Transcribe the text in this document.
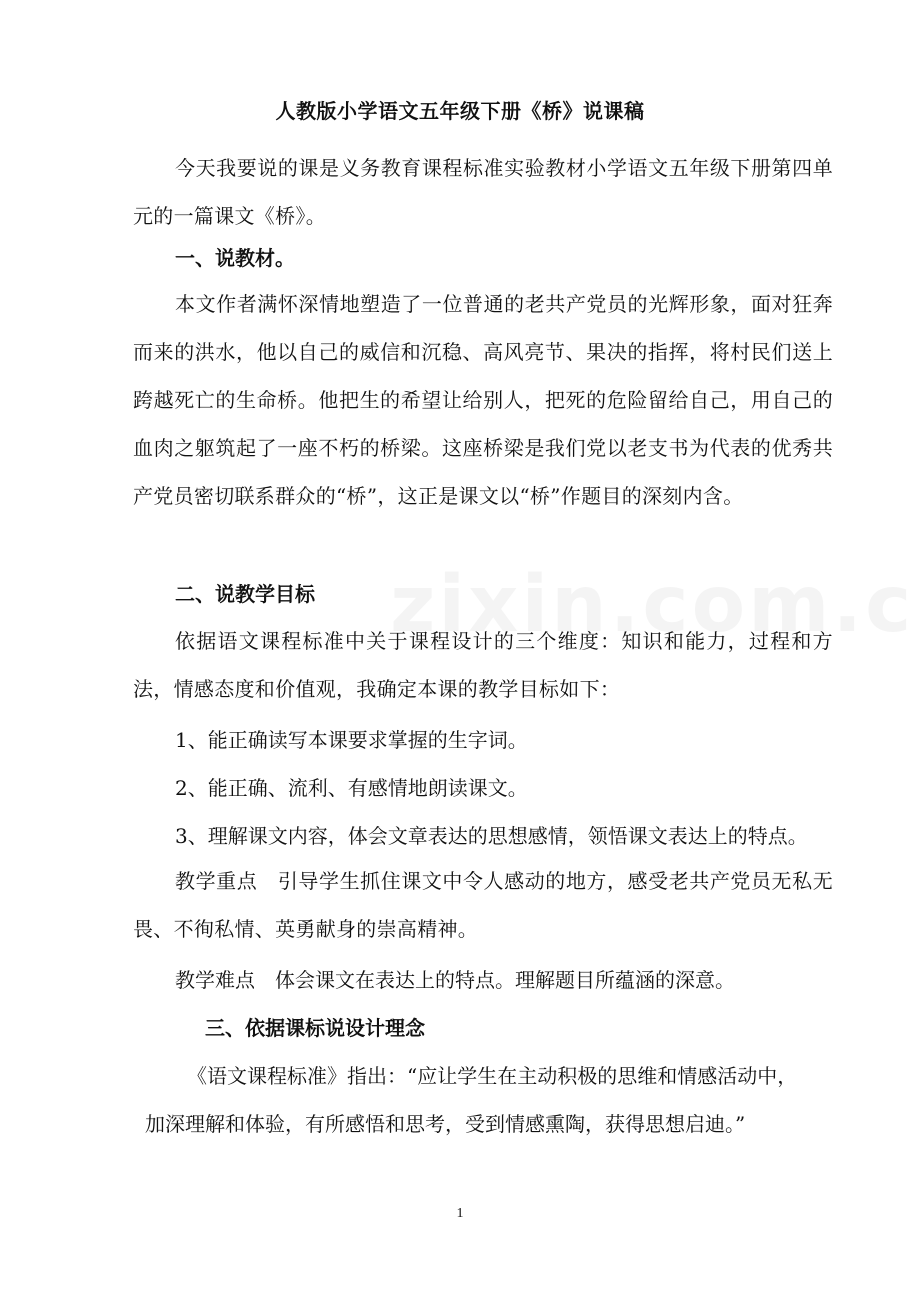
人教版小学语文五年级下册《桥》说课稿
今天我要说的课是义务教育课程标准实验教材小学语文五年级下册第四单元的一篇课文《桥》。
一、说教材。
本文作者满怀深情地塑造了一位普通的老共产党员的光辉形象，面对狂奔而来的洪水，他以自己的威信和沉稳、高风亮节、果决的指挥，将村民们送上跨越死亡的生命桥。他把生的希望让给别人，把死的危险留给自己，用自己的血肉之躯筑起了一座不朽的桥梁。这座桥梁是我们党以老支书为代表的优秀共产党员密切联系群众的“桥”，这正是课文以“桥”作题目的深刻内含。
二、说教学目标
依据语文课程标准中关于课程设计的三个维度：知识和能力，过程和方法，情感态度和价值观，我确定本课的教学目标如下：
1、能正确读写本课要求掌握的生字词。
2、能正确、流利、有感情地朗读课文。
3、理解课文内容，体会文章表达的思想感情，领悟课文表达上的特点。
教学重点　引导学生抓住课文中令人感动的地方，感受老共产党员无私无畏、不徇私情、英勇献身的崇高精神。
教学难点　体会课文在表达上的特点。理解题目所蕴涵的深意。
三、依据课标说设计理念
《语文课程标准》指出：“应让学生在主动积极的思维和情感活动中，
加深理解和体验，有所感悟和思考，受到情感熏陶，获得思想启迪。”
1
